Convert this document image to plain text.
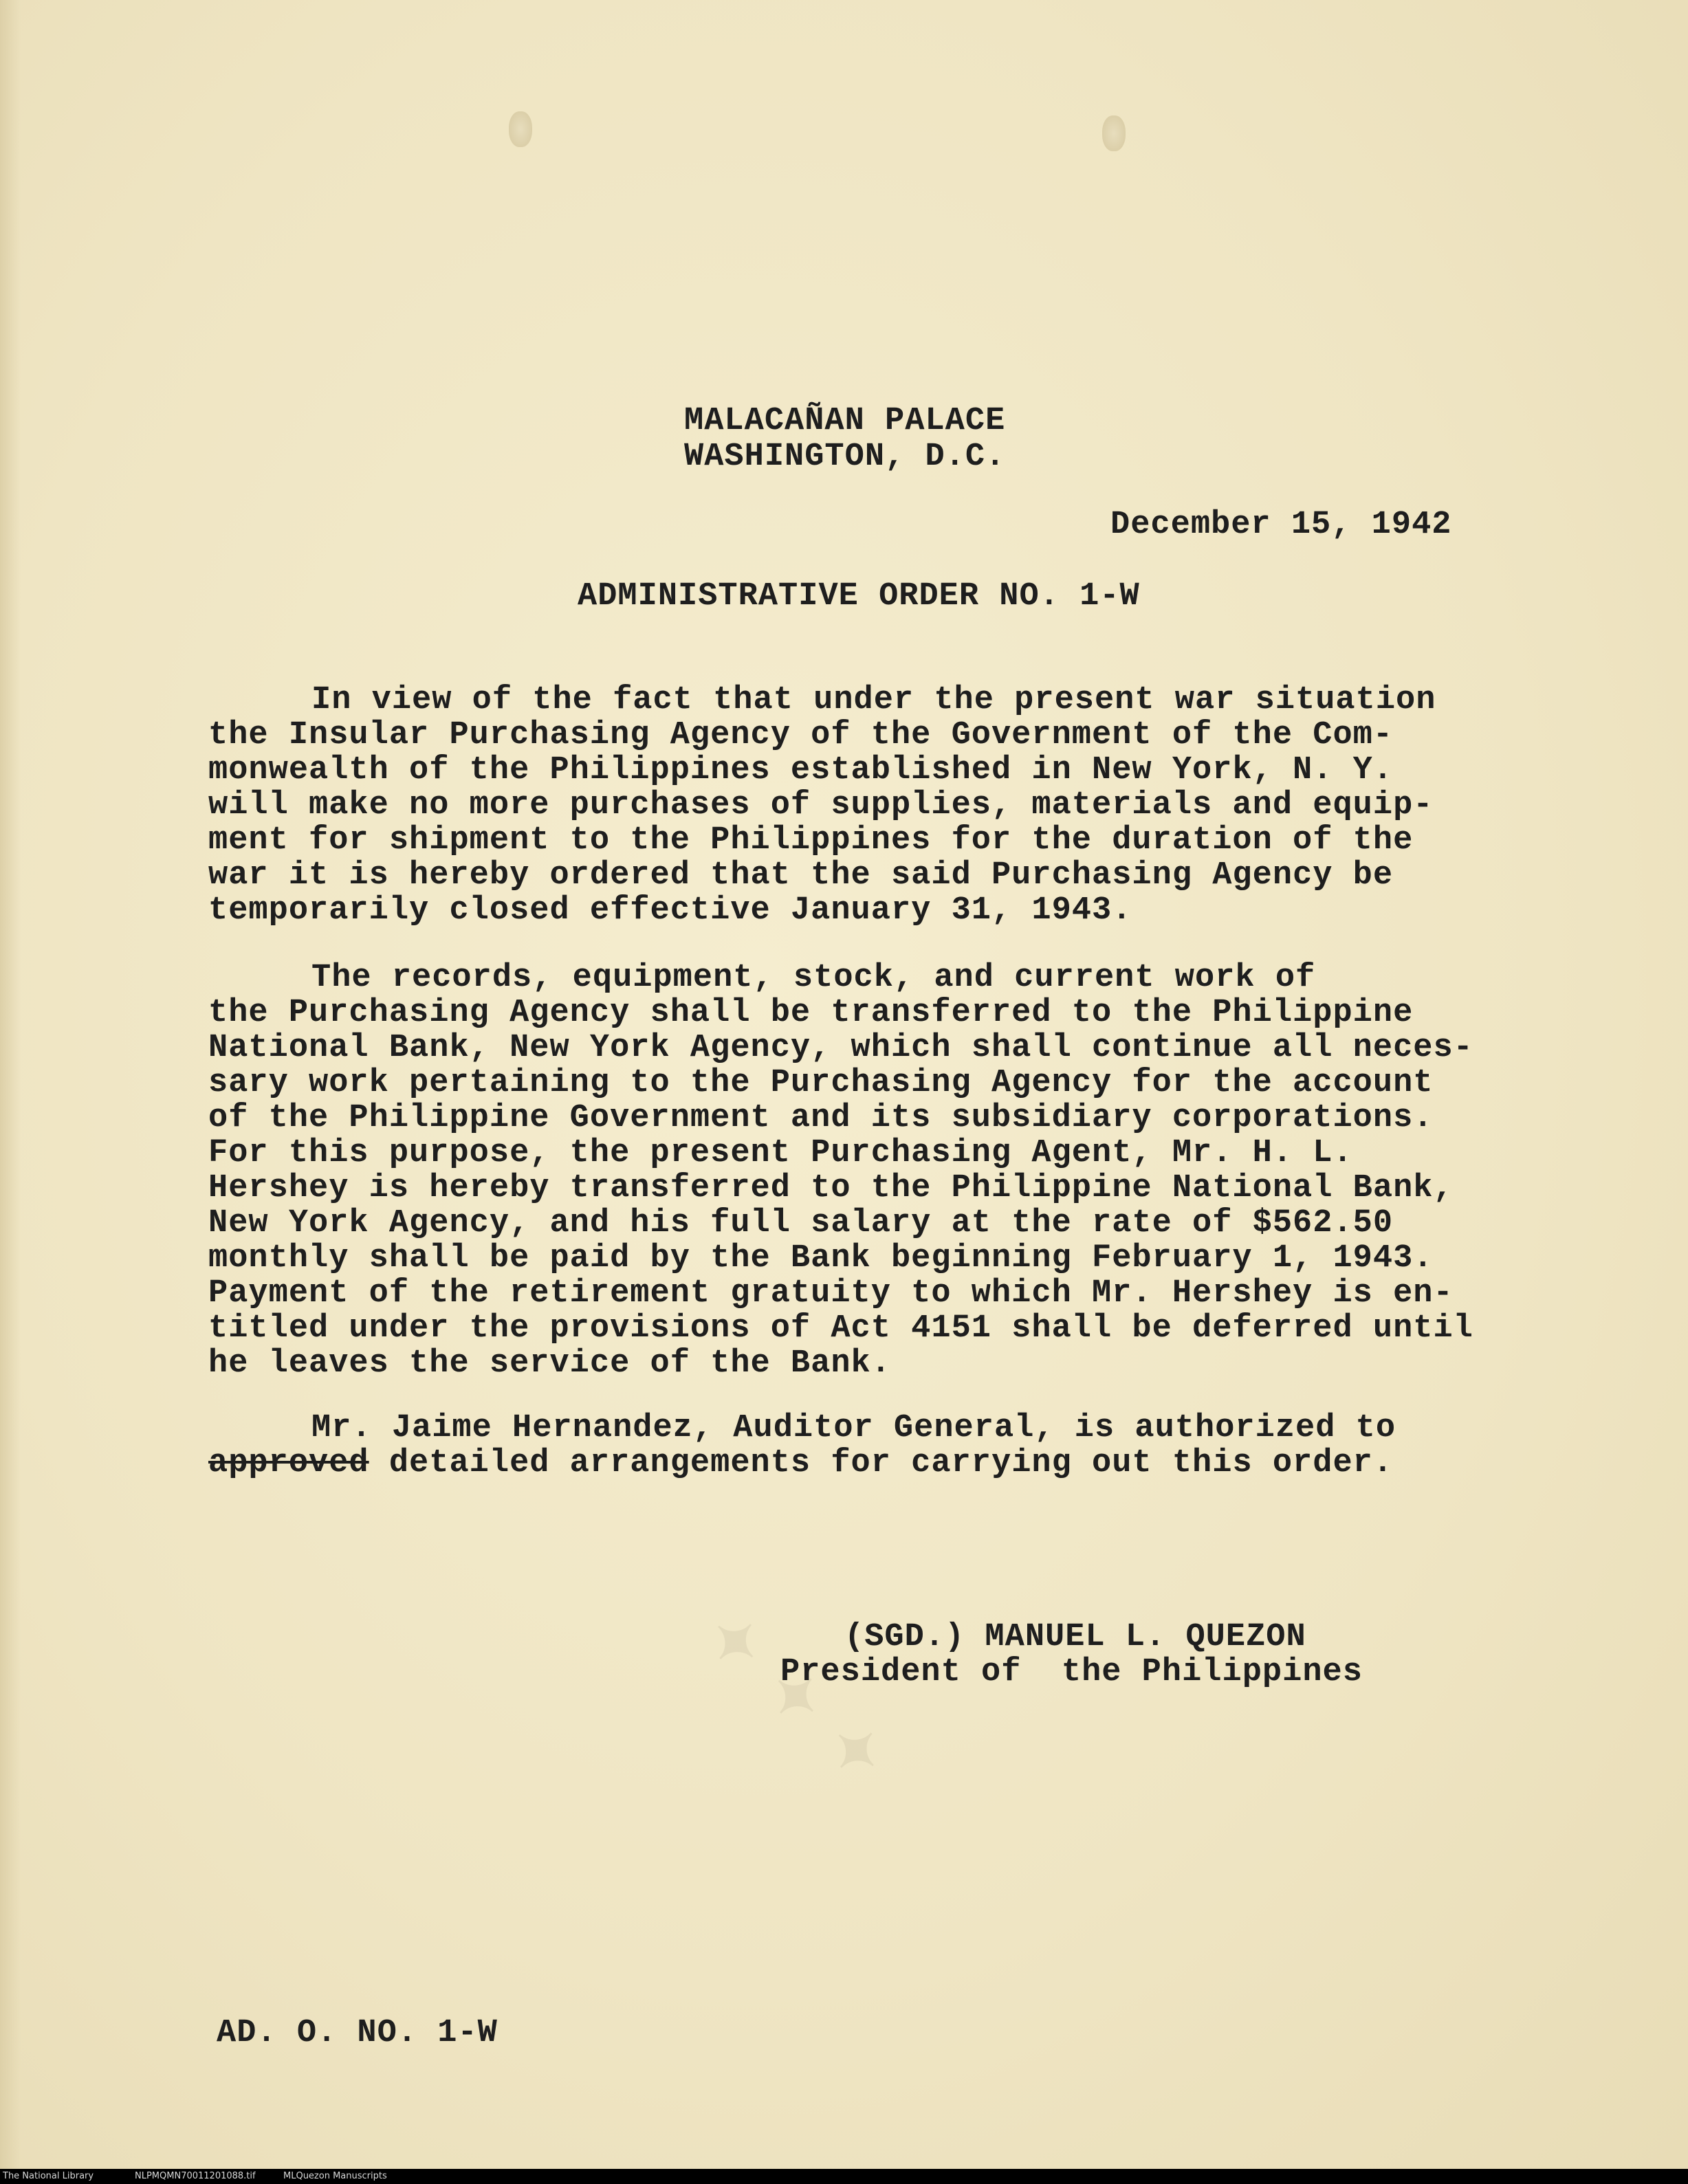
MALACAÑAN PALACE
WASHINGTON, D.C.
December 15, 1942
ADMINISTRATIVE ORDER NO. 1-W
In view of the fact that under the present war situation
the Insular Purchasing Agency of the Government of the Com-
monwealth of the Philippines established in New York, N. Y.
will make no more purchases of supplies, materials and equip-
ment for shipment to the Philippines for the duration of the
war it is hereby ordered that the said Purchasing Agency be
temporarily closed effective January 31, 1943.
The records, equipment, stock, and current work of
the Purchasing Agency shall be transferred to the Philippine
National Bank, New York Agency, which shall continue all neces-
sary work pertaining to the Purchasing Agency for the account
of the Philippine Government and its subsidiary corporations.
For this purpose, the present Purchasing Agent, Mr. H. L.
Hershey is hereby transferred to the Philippine National Bank,
New York Agency, and his full salary at the rate of $562.50
monthly shall be paid by the Bank beginning February 1, 1943.
Payment of the retirement gratuity to which Mr. Hershey is en-
titled under the provisions of Act 4151 shall be deferred until
he leaves the service of the Bank.
Mr. Jaime Hernandez, Auditor General, is authorized to
approved detailed arrangements for carrying out this order.
(SGD.) MANUEL L. QUEZON
President of  the Philippines
✦ ✦ ✦
AD. O. NO. 1-W
The National Library	NLPMQMN70011201088.tif	MLQuezon Manuscripts
